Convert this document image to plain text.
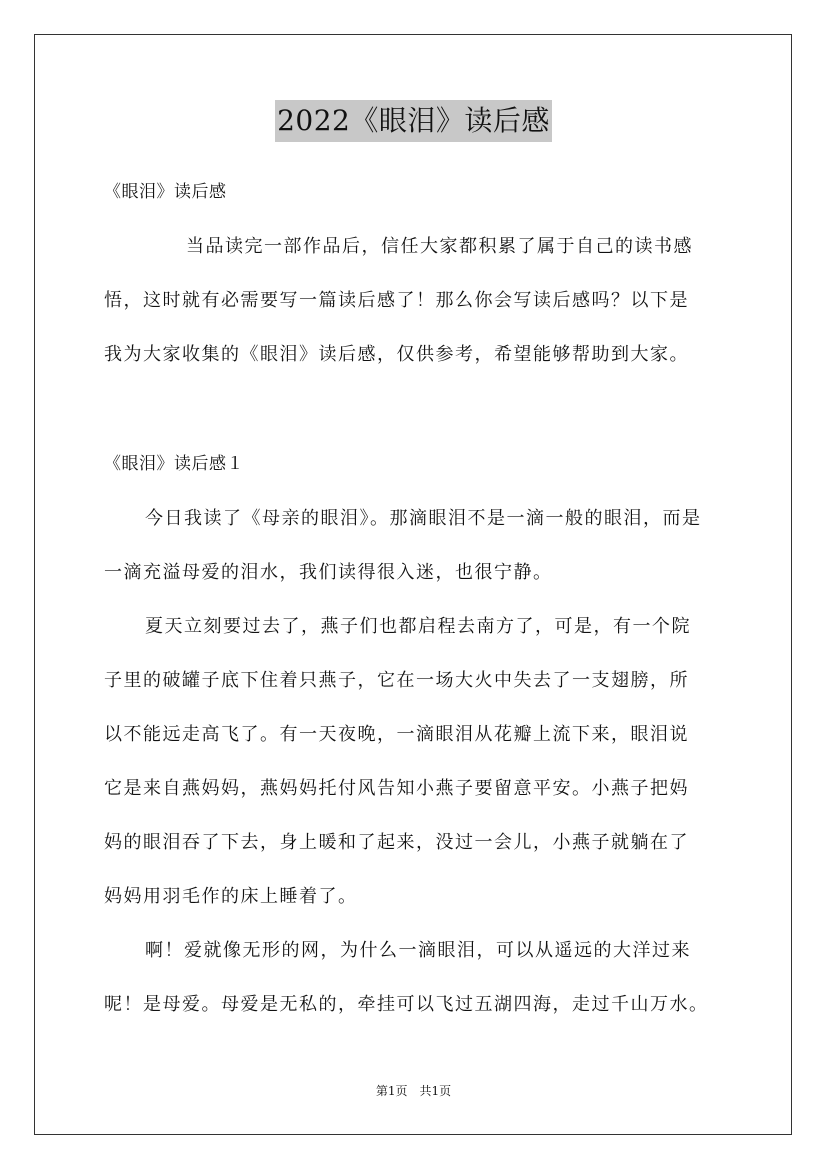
2022《眼泪》读后感
《眼泪》读后感
当品读完一部作品后，信任大家都积累了属于自己的读书感
悟，这时就有必需要写一篇读后感了！那么你会写读后感吗？以下是
我为大家收集的《眼泪》读后感，仅供参考，希望能够帮助到大家。
《眼泪》读后感１
今日我读了《母亲的眼泪》。那滴眼泪不是一滴一般的眼泪，而是
一滴充溢母爱的泪水，我们读得很入迷，也很宁静。
夏天立刻要过去了，燕子们也都启程去南方了，可是，有一个院
子里的破罐子底下住着只燕子，它在一场大火中失去了一支翅膀，所
以不能远走高飞了。有一天夜晚，一滴眼泪从花瓣上流下来，眼泪说
它是来自燕妈妈，燕妈妈托付风告知小燕子要留意平安。小燕子把妈
妈的眼泪吞了下去，身上暖和了起来，没过一会儿，小燕子就躺在了
妈妈用羽毛作的床上睡着了。
啊！爱就像无形的网，为什么一滴眼泪，可以从遥远的大洋过来
呢！是母爱。母爱是无私的，牵挂可以飞过五湖四海，走过千山万水。
第1页　共1页
